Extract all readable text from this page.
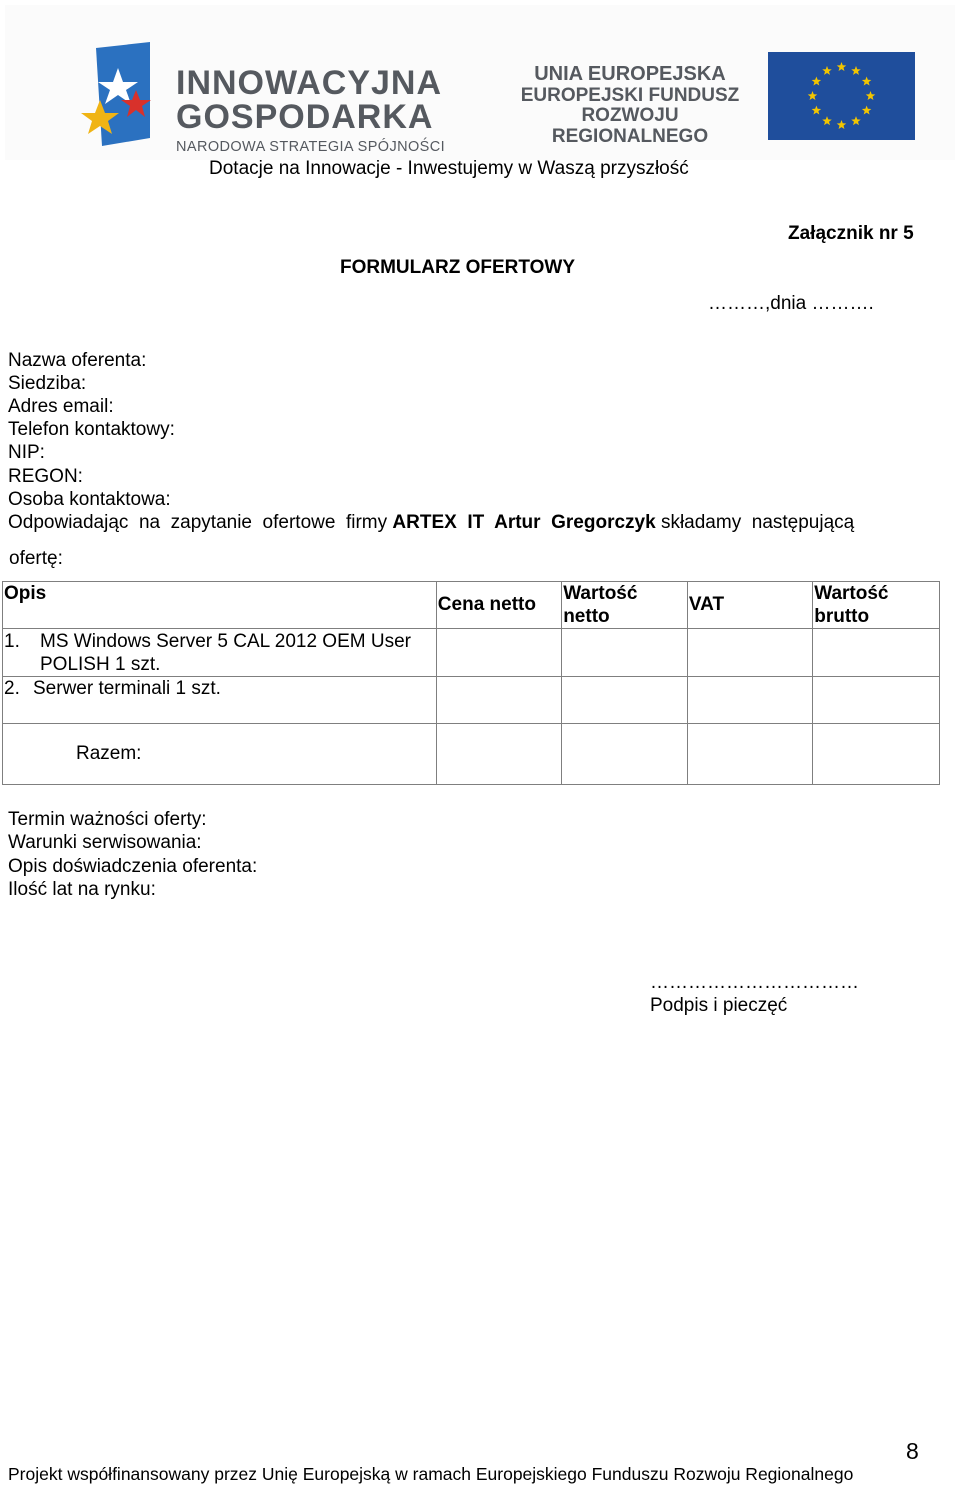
INNOWACYJNA
GOSPODARKA
NARODOWA STRATEGIA SPÓJNOŚCI
UNIA EUROPEJSKA
EUROPEJSKI FUNDUSZ
ROZWOJU REGIONALNEGO
Dotacje na Innowacje - Inwestujemy w Waszą przyszłość
Załącznik nr 5
FORMULARZ OFERTOWY
………,dnia ……….
Nazwa oferenta:
Siedziba:
Adres email:
Telefon kontaktowy:
NIP:
REGON:
Osoba kontaktowa:
Odpowiadając  na  zapytanie  ofertowe  firmy ARTEX  IT  Artur  Gregorczyk składamy  następującą
ofertę:
Opis	Cena netto	Wartość netto	VAT	Wartość brutto

1. MS Windows Server 5 CAL 2012 OEM User
POLISH 1 szt.				

2. Serwer terminali 1 szt.				

Razem:				

Termin ważności oferty:
Warunki serwisowania:
Opis doświadczenia oferenta:
Ilość lat na rynku:
……………………………
Podpis i pieczęć
8
Projekt współfinansowany przez Unię Europejską w ramach Europejskiego Funduszu Rozwoju Regionalnego
